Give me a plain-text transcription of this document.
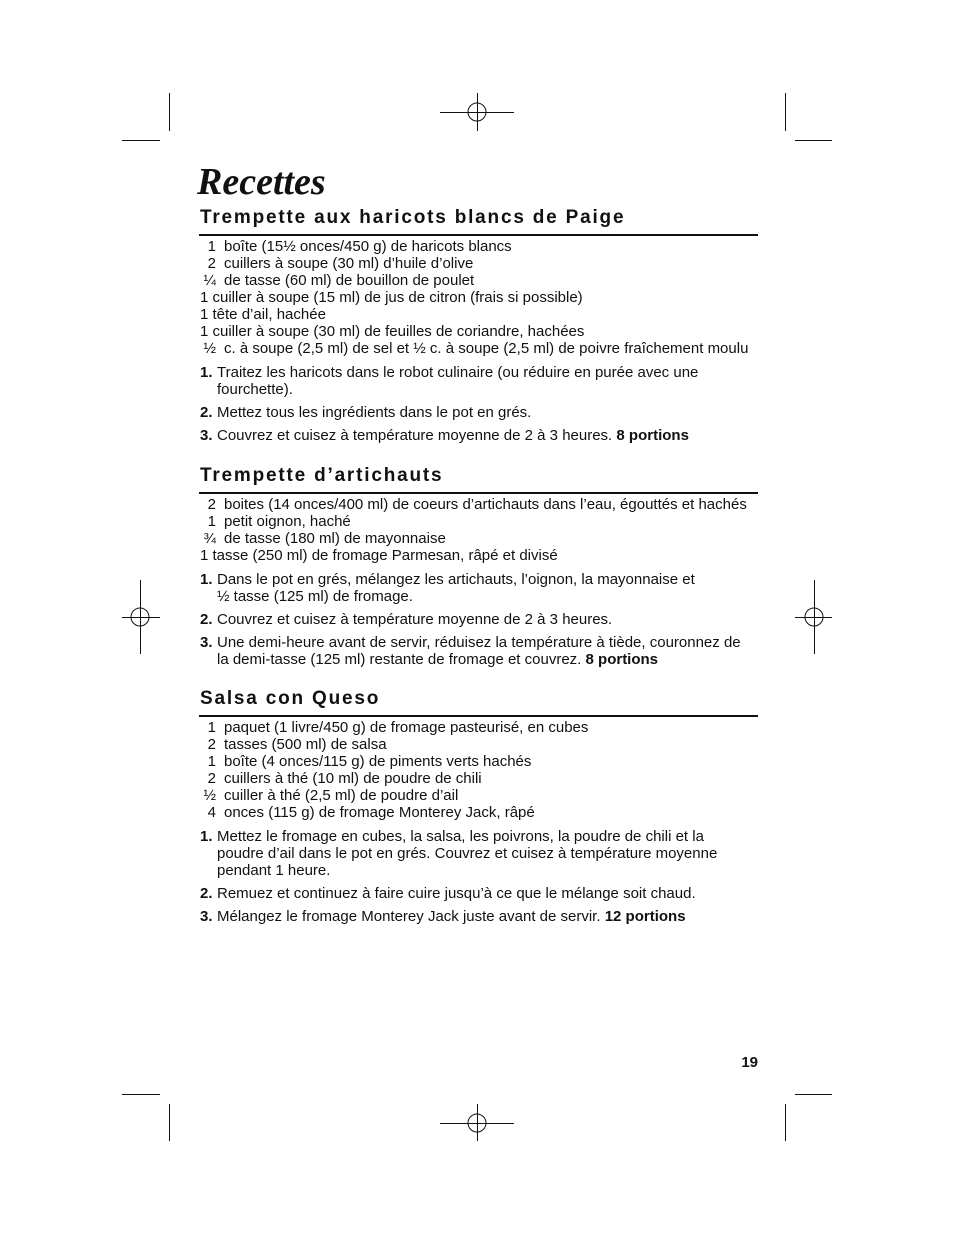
Recettes
Trempette aux haricots blancs de Paige
1 boîte (15½ onces/450 g) de haricots blancs
2 cuillers à soupe (30 ml) d’huile d’olive
¼ de tasse (60 ml) de bouillon de poulet
1 cuiller à soupe (15 ml) de jus de citron (frais si possible)
1 tête d’ail, hachée
1 cuiller à soupe (30 ml) de feuilles de coriandre, hachées
½ c. à soupe (2,5 ml) de sel et ½ c. à soupe (2,5 ml) de poivre fraîchement moulu
1. Traitez les haricots dans le robot culinaire (ou réduire en purée avec une
fourchette).
2. Mettez tous les ingrédients dans le pot en grés.
3. Couvrez et cuisez à température moyenne de 2 à 3 heures. 8 portions
Trempette d’artichauts
2 boites (14 onces/400 ml) de coeurs d’artichauts dans l’eau, égouttés et hachés
1 petit oignon, haché
¾ de tasse (180 ml) de mayonnaise
1 tasse (250 ml) de fromage Parmesan, râpé et divisé
1. Dans le pot en grés, mélangez les artichauts, l’oignon, la mayonnaise et
½ tasse (125 ml) de fromage.
2. Couvrez et cuisez à température moyenne de 2 à 3 heures.
3. Une demi-heure avant de servir, réduisez la température à tiède, couronnez de
la demi-tasse (125 ml) restante de fromage et couvrez. 8 portions
Salsa con Queso
1 paquet (1 livre/450 g) de fromage pasteurisé, en cubes
2 tasses (500 ml) de salsa
1 boîte (4 onces/115 g) de piments verts hachés
2 cuillers à thé (10 ml) de poudre de chili
½ cuiller à thé (2,5 ml) de poudre d’ail
4 onces (115 g) de fromage Monterey Jack, râpé
1. Mettez le fromage en cubes, la salsa, les poivrons, la poudre de chili et la
poudre d’ail dans le pot en grés. Couvrez et cuisez à température moyenne
pendant 1 heure.
2. Remuez et continuez à faire cuire jusqu’à ce que le mélange soit chaud.
3. Mélangez le fromage Monterey Jack juste avant de servir. 12 portions
19
